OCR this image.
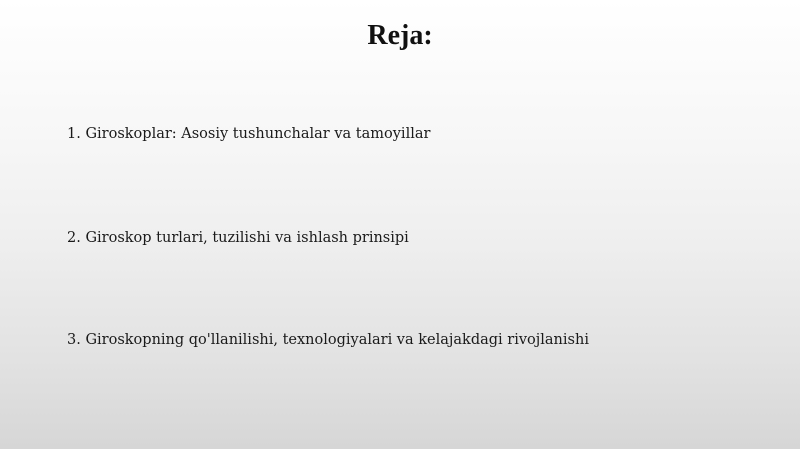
Reja:
1. Giroskoplar: Asosiy tushunchalar va tamoyillar
2. Giroskop turlari, tuzilishi va ishlash prinsipi
3. Giroskopning qo'llanilishi, texnologiyalari va kelajakdagi rivojlanishi
